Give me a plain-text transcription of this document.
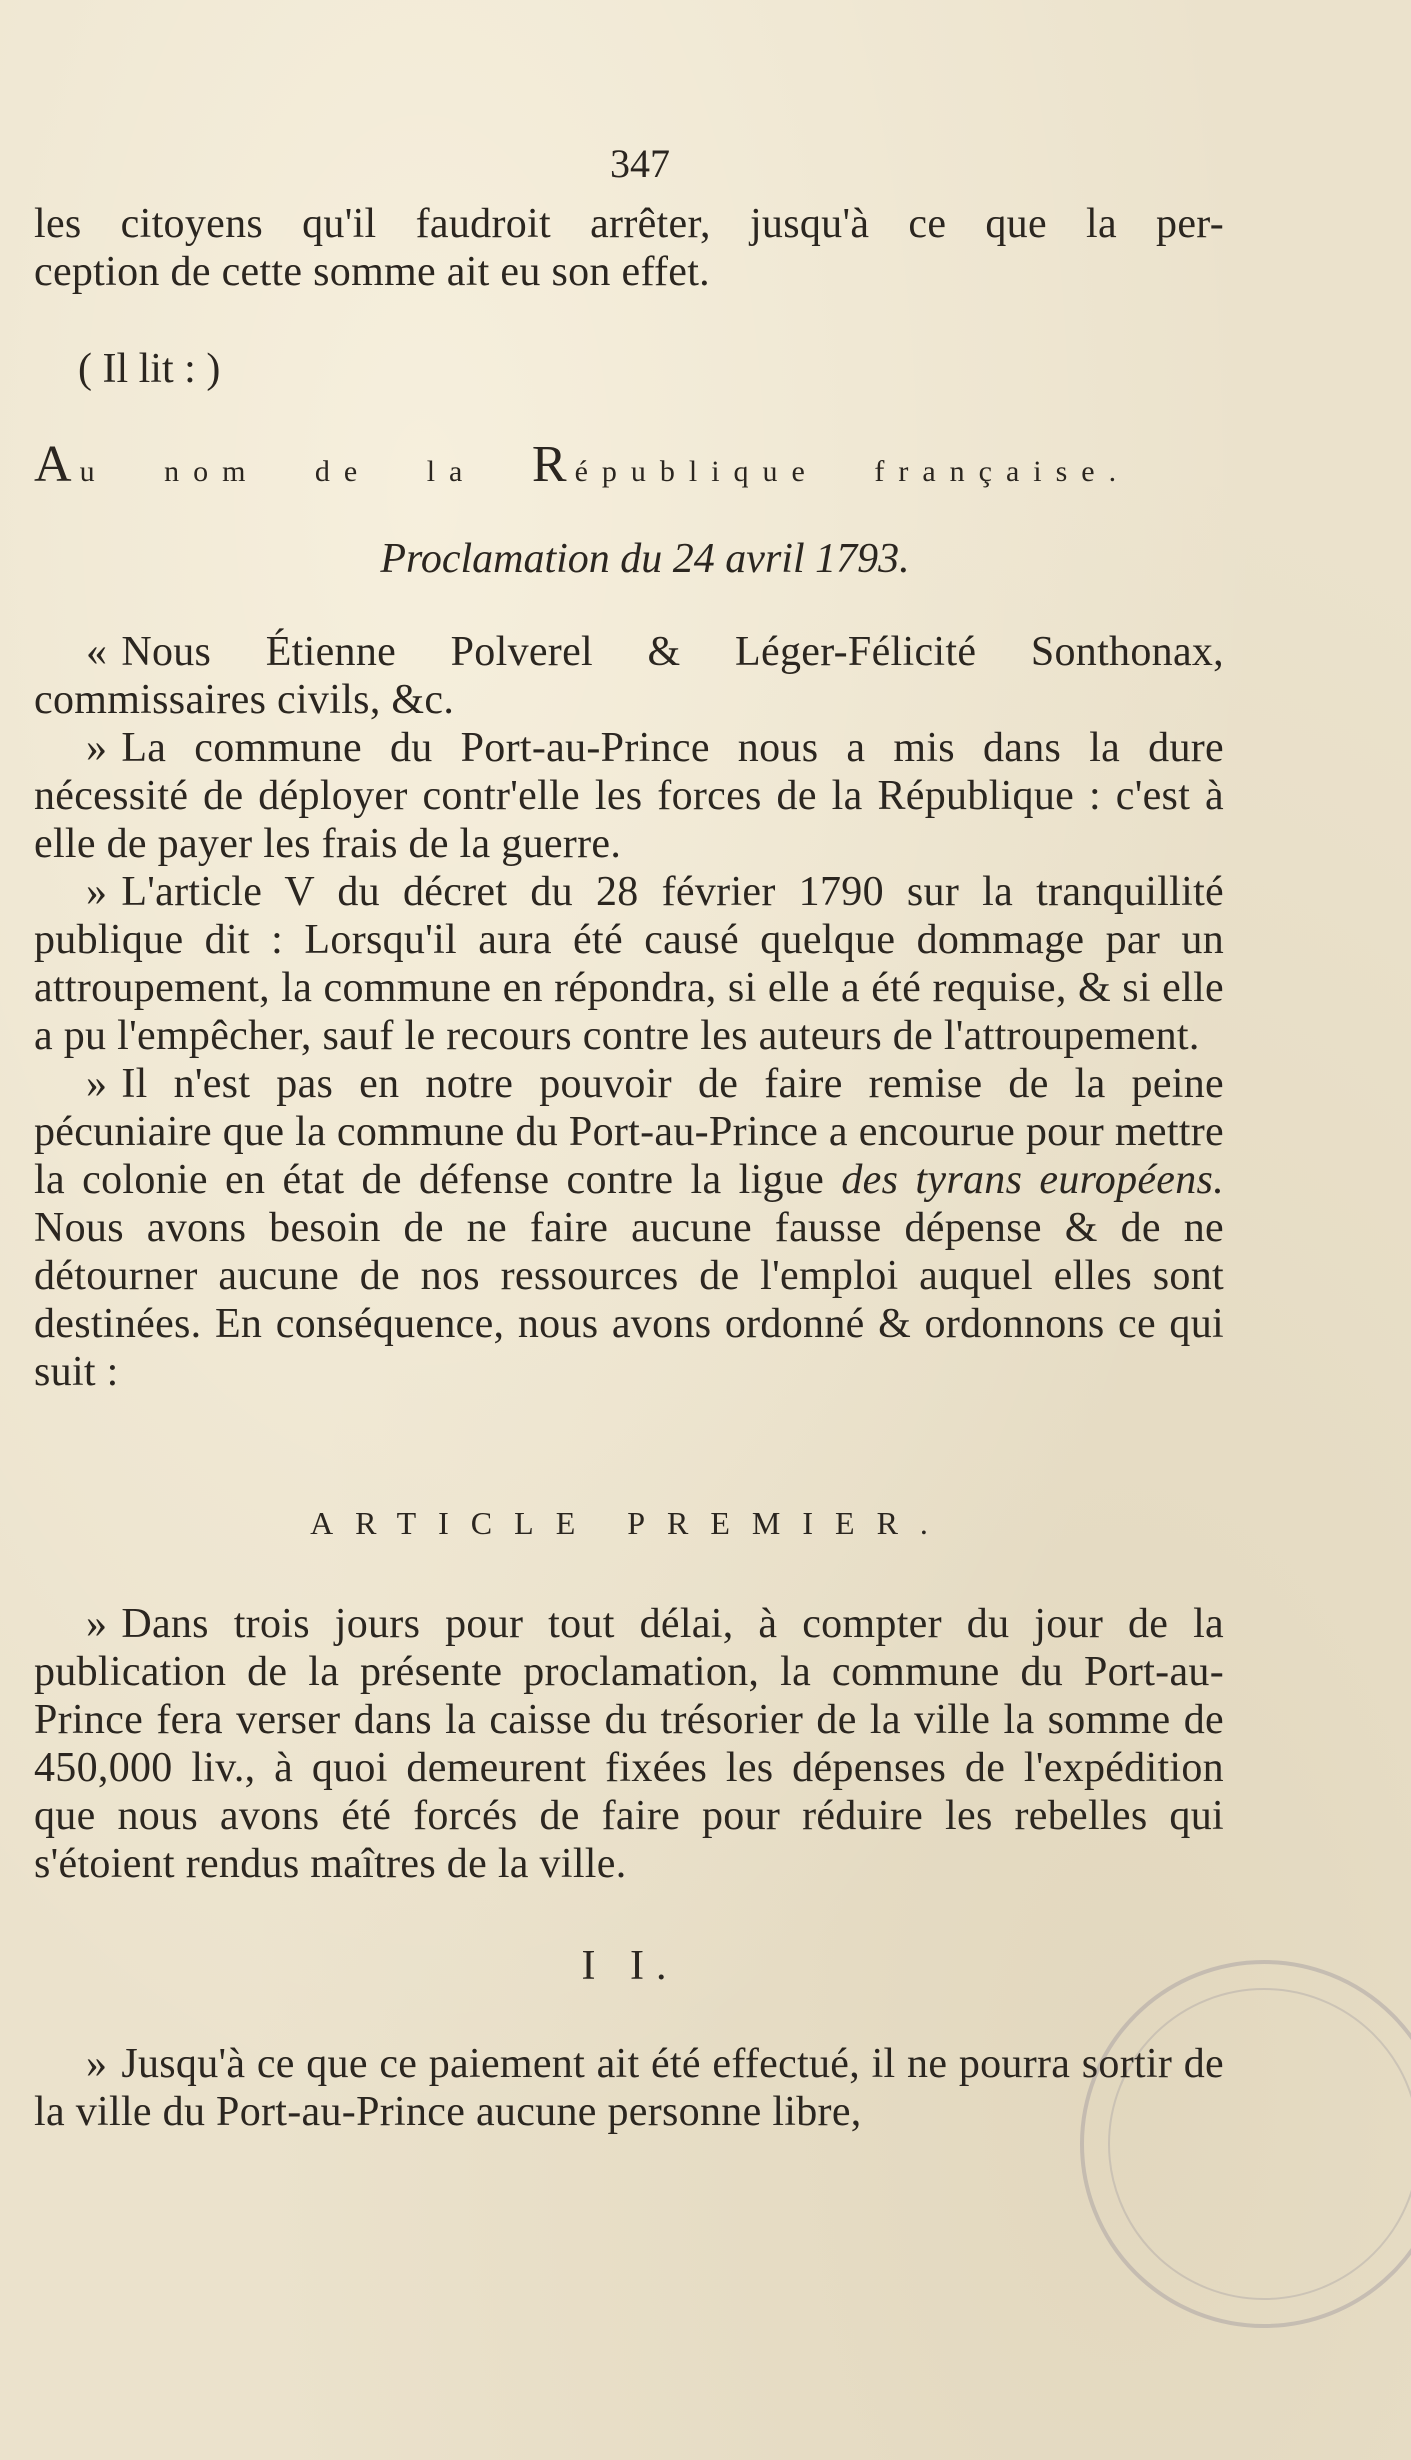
347

les citoyens qu'il faudroit arrêter, jusqu'à ce que la per-

ception de cette somme ait eu son effet.

( Il lit : )
Au nom de la République française.
Proclamation du 24 avril 1793.

« Nous Étienne Polverel & Léger-Félicité Sonthonax, commissaires civils, &c.

» La commune du Port-au-Prince nous a mis dans la dure nécessité de déployer contr'elle les forces de la République : c'est à elle de payer les frais de la guerre.

» L'article V du décret du 28 février 1790 sur la tranquillité publique dit : Lorsqu'il aura été causé quelque dommage par un attroupement, la commune en répondra, si elle a été requise, & si elle a pu l'empêcher, sauf le recours contre les auteurs de l'attroupement.

» Il n'est pas en notre pouvoir de faire remise de la peine pécuniaire que la commune du Port-au-Prince a encourue pour mettre la colonie en état de défense contre la ligue des tyrans européens. Nous avons besoin de ne faire aucune fausse dépense & de ne détourner aucune de nos ressources de l'emploi auquel elles sont destinées. En conséquence, nous avons ordonné & ordonnons ce qui suit :

ARTICLE PREMIER.

» Dans trois jours pour tout délai, à compter du jour de la publication de la présente proclamation, la commune du Port-au-Prince fera verser dans la caisse du trésorier de la ville la somme de 450,000 liv., à quoi demeurent fixées les dépenses de l'expédition que nous avons été forcés de faire pour réduire les rebelles qui s'étoient rendus maîtres de la ville.

I I.

» Jusqu'à ce que ce paiement ait été effectué, il ne pourra sortir de la ville du Port-au-Prince aucune personne libre,
